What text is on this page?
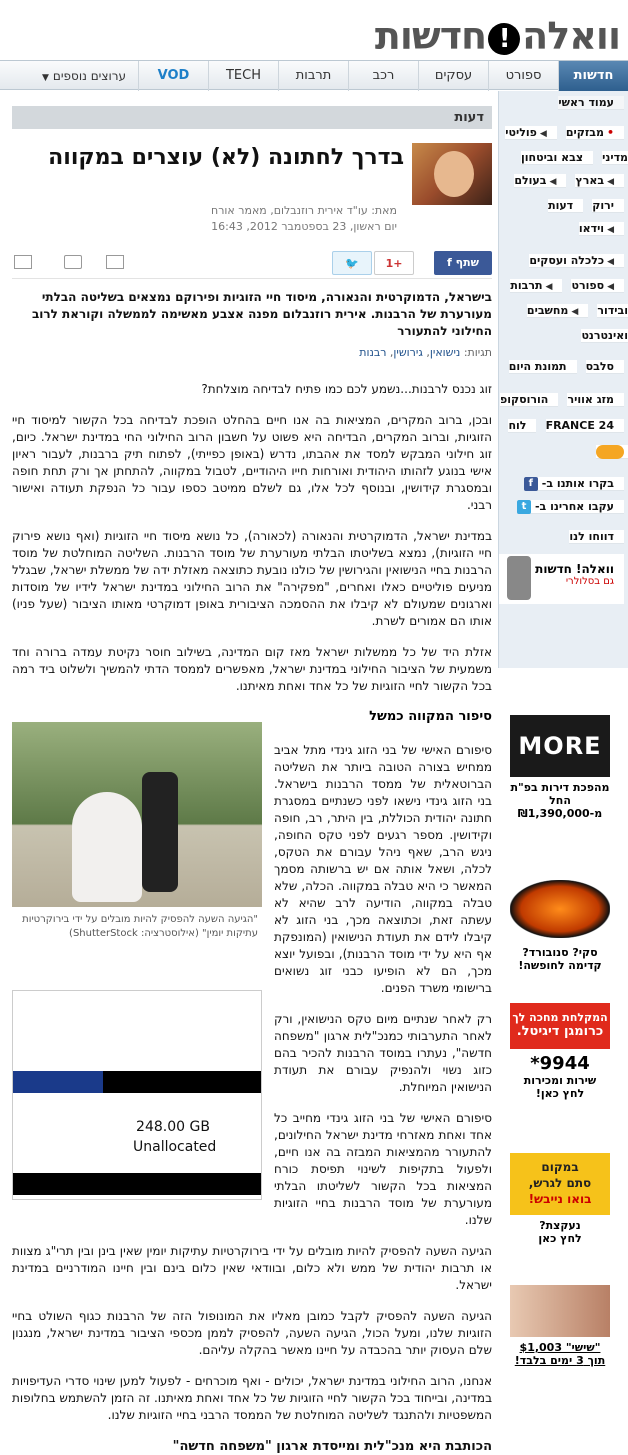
וואלה!חדשות
חדשות
ספורט
עסקים
רכב
תרבות
TECH
VOD
ערוצים נוספים▼
עמוד ראשי
•מבזקים ◀פוליטי מדיני צבא וביטחון ◀בארץ ◀בעולם ירוק דעות ◀וידאו
◀כלכלה ועסקים ◀ספורט ◀תרבות ובידור ◀מחשבים ואינטרנט
סלבס תמונת היום
מזג אוויר הורוסקופ FRANCE 24 לוח
בקרו אותנו ב-f עקבו אחרינו ב-t
דווחו לנו
וואלה! חדשות
גם בסלולרי
MORE
מהפכת דירות בפ"ת
החל מ-₪1,390,000
סקי? סנובורד?
קדימה לחופשה!
המקלחת מחכה לך
כרומגן דיגיטל.
*9944
שירות ומכירות
לחץ כאן!
במקום
סתם לגרש,
בואו נייבש!
נעקצת?
לחץ כאן
"שישי" $1,003
תוך 3 ימים בלבד!
דעות
בדרך לחתונה (לא) עוצרים במקווה
מאת: עו"ד אירית רוזנבלום, מאמר אורח
יום ראשון, 23 בספטמבר 2012, 16:43
שתף f
+1
🐦
בישראל, הדמוקרטית והנאורה, מיסוד חיי הזוגיות ופירוקם נמצאים בשליטה הבלתי מעורערת של הרבנות. אירית רוזנבלום מפנה אצבע מאשימה לממשלה וקוראת לרוב החילוני להתעורר
תגיות: נישואין, גירושין, רבנות

זוג נכנס לרבנות...נשמע לכם כמו פתיח לבדיחה מוצלחת?

ובכן, ברוב המקרים, המציאות בה אנו חיים בהחלט הופכת לבדיחה בכל הקשור למיסוד חיי הזוגיות, וברוב המקרים, הבדיחה היא פשוט על חשבון הרוב החילוני החי במדינת ישראל. כיום, זוג חילוני המבקש למסד את אהבתו, נדרש (באופן כפייתי), לפתוח תיק ברבנות, לעבור ראיון אישי בנוגע לזהותו היהודית ואורחות חייו היהודיים, לטבול במקווה, להתחתן אך ורק תחת חופה ובמסגרת קידושין, ובנוסף לכל אלו, גם לשלם ממיטב כספו עבור כל הנפקת תעודה ואישור רבני.

במדינת ישראל, הדמוקרטית והנאורה (לכאורה), כל נושא מיסוד חיי הזוגיות (ואף נושא פירוק חיי הזוגיות), נמצא בשליטתו הבלתי מעורערת של מוסד הרבנות. השליטה המוחלטת של מוסד הרבנות בחיי הנישואין והגירושין של כולנו נובעת כתוצאה מאזלת ידה של ממשלת ישראל, שבגלל מניעים פוליטיים כאלו ואחרים, "מפקירה" את הרוב החילוני במדינת ישראל לידיו של מוסדות וארגונים שמעולם לא קיבלו את ההסמכה הציבורית באופן דמוקרטי מאותו הציבור (שעל פניו) אותו הם אמורים לשרת.

אזלת היד של כל ממשלות ישראל מאז קום המדינה, בשילוב חוסר נקיטת עמדה ברורה וחד משמעית של הציבור החילוני במדינת ישראל, מאפשרים לממסד הדתי להמשיך ולשלוט ביד רמה בכל הקשור לחיי הזוגיות של כל אחד ואחת מאיתנו.

סיפור המקווה כמשל

סיפורם האישי של בני הזוג גינדי מתל אביב ממחיש בצורה הטובה ביותר את השליטה הברוטאלית של ממסד הרבנות בישראל. בני הזוג גינדי נישאו לפני כשנתיים במסגרת חתונה יהודית הכוללת, בין היתר, רב, חופה וקידושין. מספר רגעים לפני טקס החופה, ניגש הרב, שאף ניהל עבורם את הטקס, לכלה, ושאל אותה אם יש ברשותה מסמך המאשר כי היא טבלה במקווה. הכלה, שלא טבלה במקווה, הודיעה לרב שהיא לא עשתה זאת, וכתוצאה מכך, בני הזוג לא קיבלו לידם את תעודת הנישואין (המונפקת אף היא על ידי מוסד הרבנות), ובפועל יוצא מכך, הם לא הופיעו כבני זוג נשואים ברישומי משרד הפנים.

רק לאחר שנתיים מיום טקס הנישואין, ורק לאחר התערבותי כמנכ"לית ארגון "משפחה חדשה", נעתרו במוסד הרבנות להכיר בהם כזוג נשוי ולהנפיק עבורם את תעודת הנישואין המיוחלת.

סיפורם האישי של בני הזוג גינדי מחייב כל אחד ואחת מאזרחי מדינת ישראל החילונים, להתעורר מהמציאות המבזה בה אנו חיים, ולפעול בתקיפות לשינוי תפיסת כורח המציאות בכל הקשור לשליטתו הבלתי מעורערת של מוסד הרבנות בחיי הזוגיות שלנו.

הגיעה השעה להפסיק להיות מובלים על ידי בירוקרטיות עתיקות יומין שאין בינן ובין תרי"ג מצוות או תרבות יהודית של ממש ולא כלום, ובוודאי שאין כלום בינם ובין חיינו המודרניים במדינת ישראל.

הגיעה השעה להפסיק לקבל כמובן מאליו את המונופול הזה של הרבנות כגוף השולט בחיי הזוגיות שלנו, ומעל הכול, הגיעה השעה, להפסיק לממן מכספי הציבור במדינת ישראל, מנגנון שלם העסוק יותר בהכבדה על חיינו מאשר בהקלה עליהם.

אנחנו, הרוב החילוני במדינת ישראל, יכולים - ואף מוכרחים - לפעול למען שינוי סדרי העדיפויות במדינה, ובייחוד בכל הקשור לחיי הזוגיות של כל אחד ואחת מאיתנו. זה הזמן להשתמש בחלופות המשפטיות ולהתנגד לשליטה המוחלטת של הממסד הרבני בחיי הזוגיות שלנו.

הכותבת היא מנכ"לית ומייסדת ארגון "משפחה חדשה"

"הגיעה השעה להפסיק להיות מובלים על ידי בירוקרטיות עתיקות יומין" (אילוסטרציה: ShutterStock)
248.00 GB
Unallocated
